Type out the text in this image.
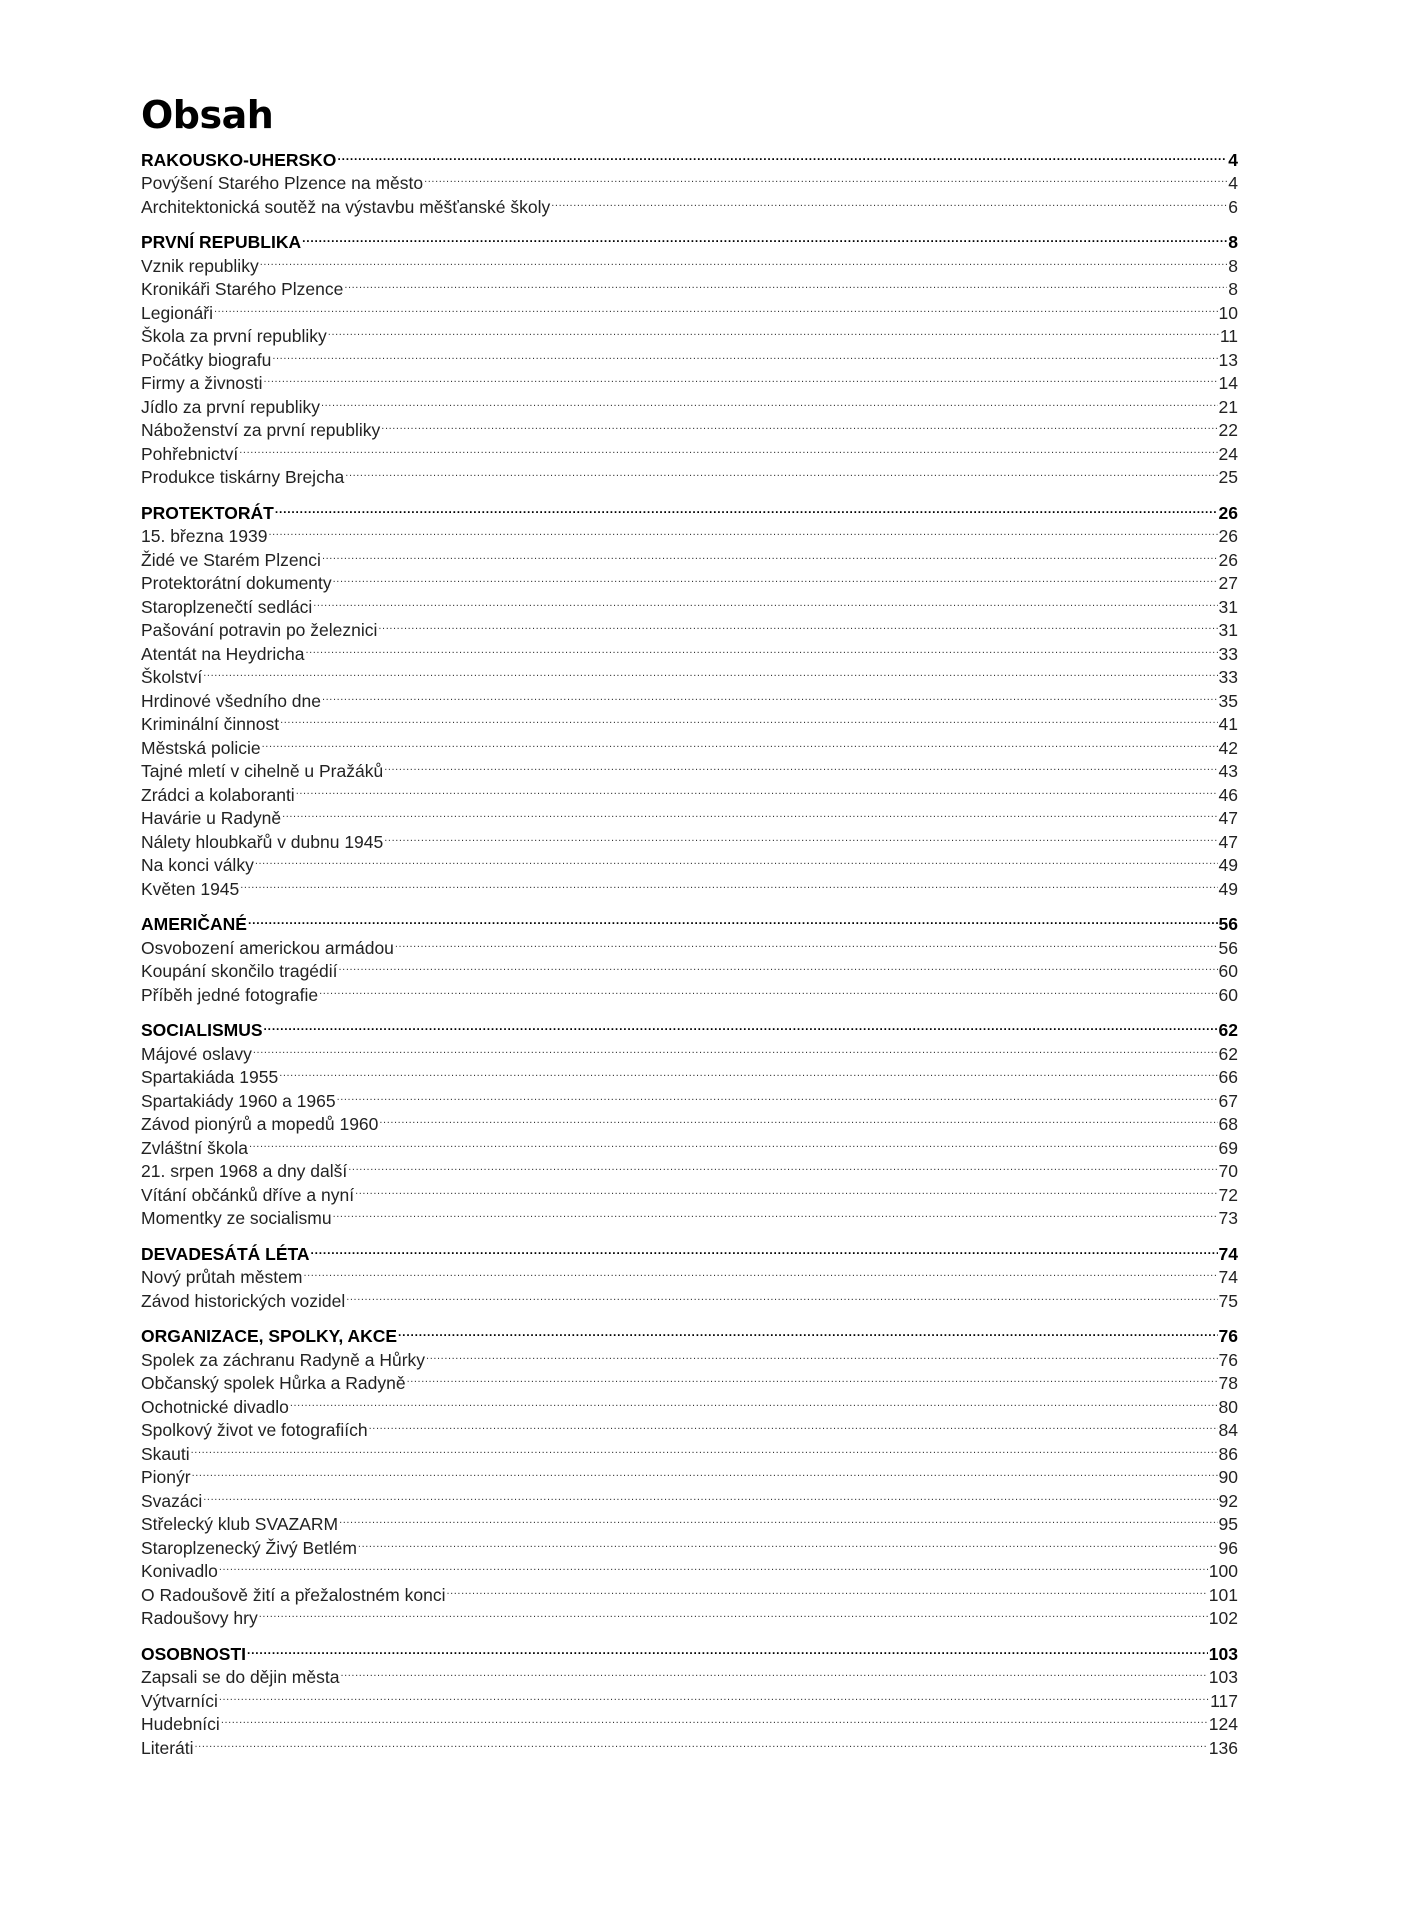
Obsah
RAKOUSKO-UHERSKO .....	4
Povýšení Starého Plzence na město .....	4
Architektonická soutěž na výstavbu měšťanské školy .....	6
PRVNÍ REPUBLIKA .....	8
Vznik republiky .....	8
Kronikáři Starého Plzence .....	8
Legionáři .....	10
Škola za první republiky .....	11
Počátky biografu .....	13
Firmy a živnosti .....	14
Jídlo za první republiky .....	21
Náboženství za první republiky .....	22
Pohřebnictví .....	24
Produkce tiskárny Brejcha .....	25
PROTEKTORÁT .....	26
15. března 1939 .....	26
Židé ve Starém Plzenci .....	26
Protektorátní dokumenty .....	27
Staroplzenečtí sedláci .....	31
Pašování potravin po železnici .....	31
Atentát na Heydricha .....	33
Školství .....	33
Hrdinové všedního dne .....	35
Kriminální činnost .....	41
Městská policie .....	42
Tajné mletí v cihelně u Pražáků .....	43
Zrádci a kolaboranti .....	46
Havárie u Radyně .....	47
Nálety hloubkařů v dubnu 1945 .....	47
Na konci války .....	49
Květen 1945 .....	49
AMERIČANÉ .....	56
Osvobození americkou armádou .....	56
Koupání skončilo tragédií .....	60
Příběh jedné fotografie .....	60
SOCIALISMUS .....	62
Májové oslavy .....	62
Spartakiáda 1955 .....	66
Spartakiády 1960 a 1965 .....	67
Závod pionýrů a mopedů 1960 .....	68
Zvláštní škola .....	69
21. srpen 1968 a dny další .....	70
Vítání občánků dříve a nyní .....	72
Momentky ze socialismu .....	73
DEVADESÁTÁ LÉTA .....	74
Nový průtah městem .....	74
Závod historických vozidel .....	75
ORGANIZACE, SPOLKY, AKCE .....	76
Spolek za záchranu Radyně a Hůrky .....	76
Občanský spolek Hůrka a Radyně .....	78
Ochotnické divadlo .....	80
Spolkový život ve fotografiích .....	84
Skauti .....	86
Pionýr .....	90
Svazáci .....	92
Střelecký klub SVAZARM .....	95
Staroplzenecký Živý Betlém .....	96
Konivadlo .....	100
O Radoušově žití a přežalostném konci .....	101
Radoušovy hry .....	102
OSOBNOSTI .....	103
Zapsali se do dějin města .....	103
Výtvarníci .....	117
Hudebníci .....	124
Literáti .....	136
